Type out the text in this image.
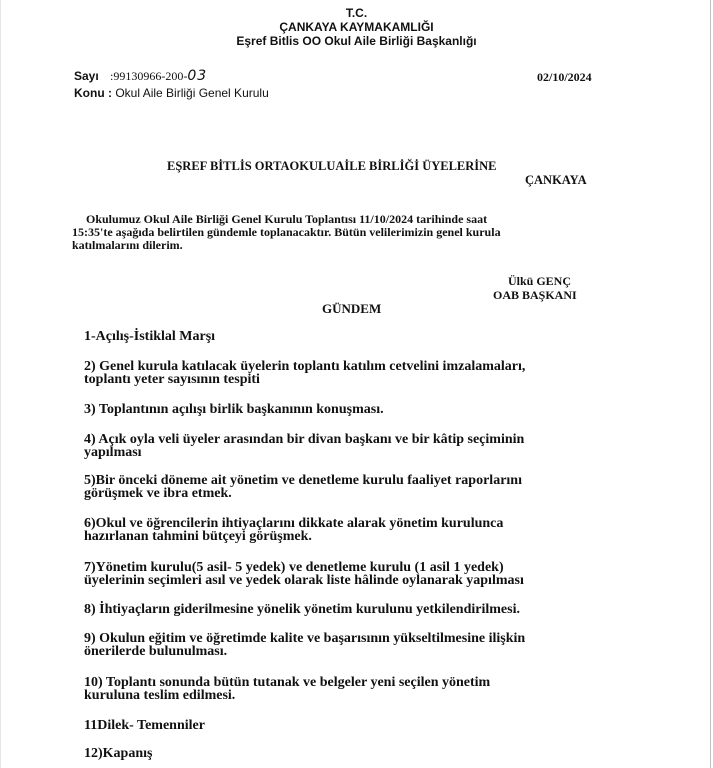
T.C.
ÇANKAYA KAYMAKAMLIĞI
Eşref Bitlis OO Okul Aile Birliği Başkanlığı
Sayı :99130966-200-03	02/10/2024
Konu : Okul Aile Birliği Genel Kurulu
EŞREF BİTLİS ORTAOKULUAİLE BİRLİĞİ ÜYELERİNE
ÇANKAYA

Okulumuz Okul Aile Birliği Genel Kurulu Toplantısı 11/10/2024 tarihinde saat

15:35'te aşağıda belirtilen gündemle toplanacaktır. Bütün velilerimizin genel kurula

katılmalarını dilerim.

Ülkü GENÇ
OAB BAŞKANI
GÜNDEM
1-Açılış-İstiklal Marşı
2) Genel kurula katılacak üyelerin toplantı katılım cetvelini imzalamaları,
toplantı yeter sayısının tespiti
3) Toplantının açılışı birlik başkanının konuşması.
4) Açık oyla veli üyeler arasından bir divan başkanı ve bir kâtip seçiminin
yapılması
5)Bir önceki döneme ait yönetim ve denetleme kurulu faaliyet raporlarını
görüşmek ve ibra etmek.
6)Okul ve öğrencilerin ihtiyaçlarını dikkate alarak yönetim kurulunca
hazırlanan tahmini bütçeyi görüşmek.
7)Yönetim kurulu(5 asil- 5 yedek) ve denetleme kurulu (1 asil 1 yedek)
üyelerinin seçimleri asıl ve yedek olarak liste hâlinde oylanarak yapılması
8) İhtiyaçların giderilmesine yönelik yönetim kurulunu yetkilendirilmesi.
9) Okulun eğitim ve öğretimde kalite ve başarısının yükseltilmesine ilişkin
önerilerde bulunulması.
10) Toplantı sonunda bütün tutanak ve belgeler yeni seçilen yönetim
kuruluna teslim edilmesi.
11Dilek- Temenniler
12)Kapanış
